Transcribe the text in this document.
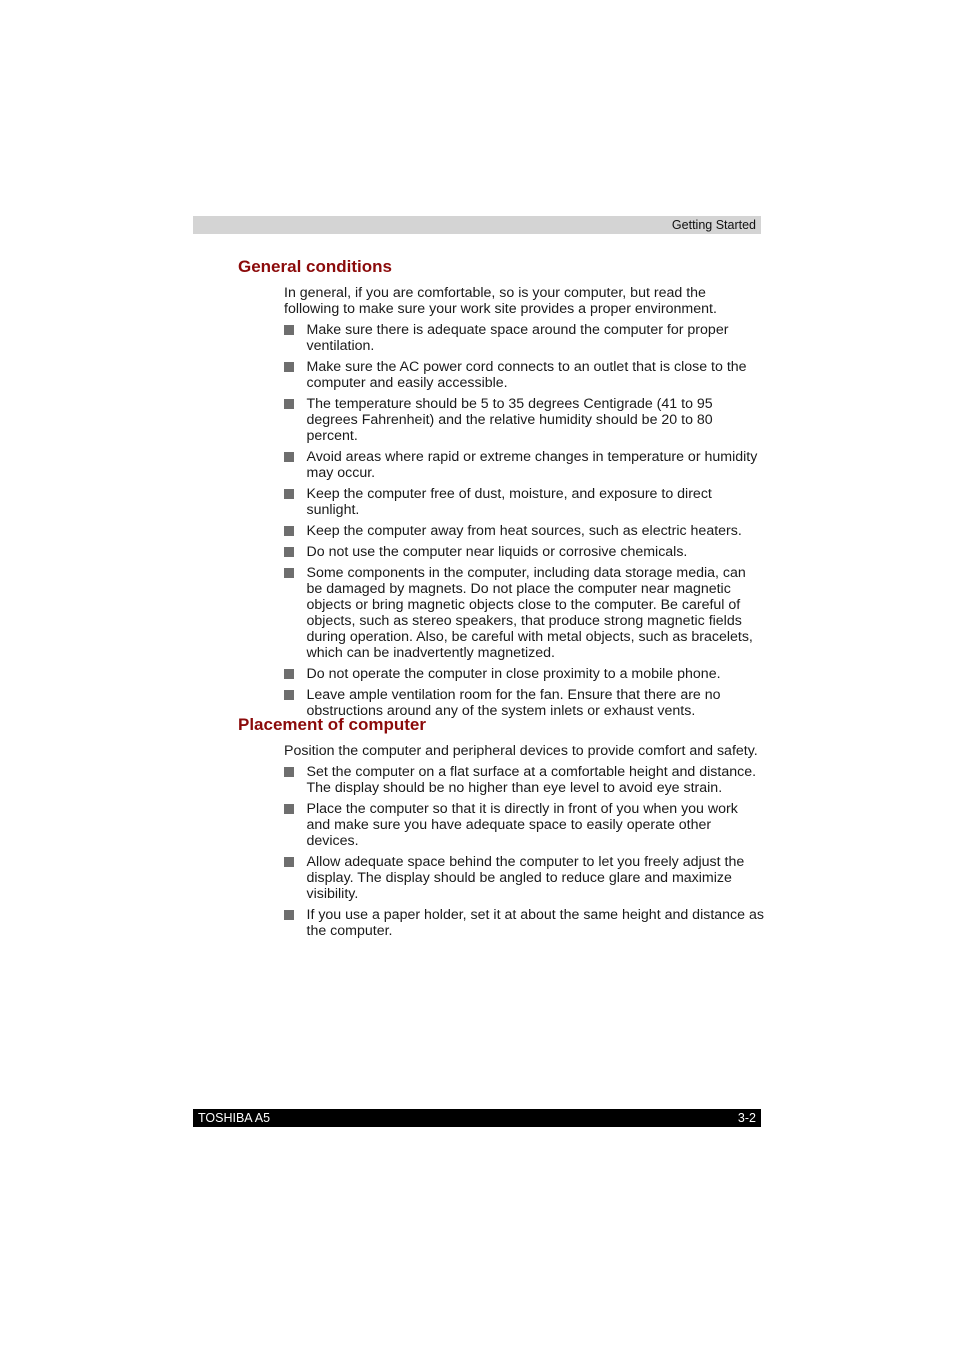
Getting Started
General conditions

In general, if you are comfortable, so is your computer, but read the following to make sure your work site provides a proper environment.

Make sure there is adequate space around the computer for proper ventilation.
Make sure the AC power cord connects to an outlet that is close to the computer and easily accessible.
The temperature should be 5 to 35 degrees Centigrade (41 to 95 degrees Fahrenheit) and the relative humidity should be 20 to 80 percent.
Avoid areas where rapid or extreme changes in temperature or humidity may occur.
Keep the computer free of dust, moisture, and exposure to direct sunlight.
Keep the computer away from heat sources, such as electric heaters.
Do not use the computer near liquids or corrosive chemicals.
Some components in the computer, including data storage media, can be damaged by magnets. Do not place the computer near magnetic objects or bring magnetic objects close to the computer. Be careful of objects, such as stereo speakers, that produce strong magnetic fields during operation. Also, be careful with metal objects, such as bracelets, which can be inadvertently magnetized.
Do not operate the computer in close proximity to a mobile phone.
Leave ample ventilation room for the fan. Ensure that there are no obstructions around any of the system inlets or exhaust vents.
Placement of computer

Position the computer and peripheral devices to provide comfort and safety.

Set the computer on a flat surface at a comfortable height and distance. The display should be no higher than eye level to avoid eye strain.
Place the computer so that it is directly in front of you when you work and make sure you have adequate space to easily operate other devices.
Allow adequate space behind the computer to let you freely adjust the display. The display should be angled to reduce glare and maximize visibility.
If you use a paper holder, set it at about the same height and distance as the computer.
TOSHIBA A5	3-2
